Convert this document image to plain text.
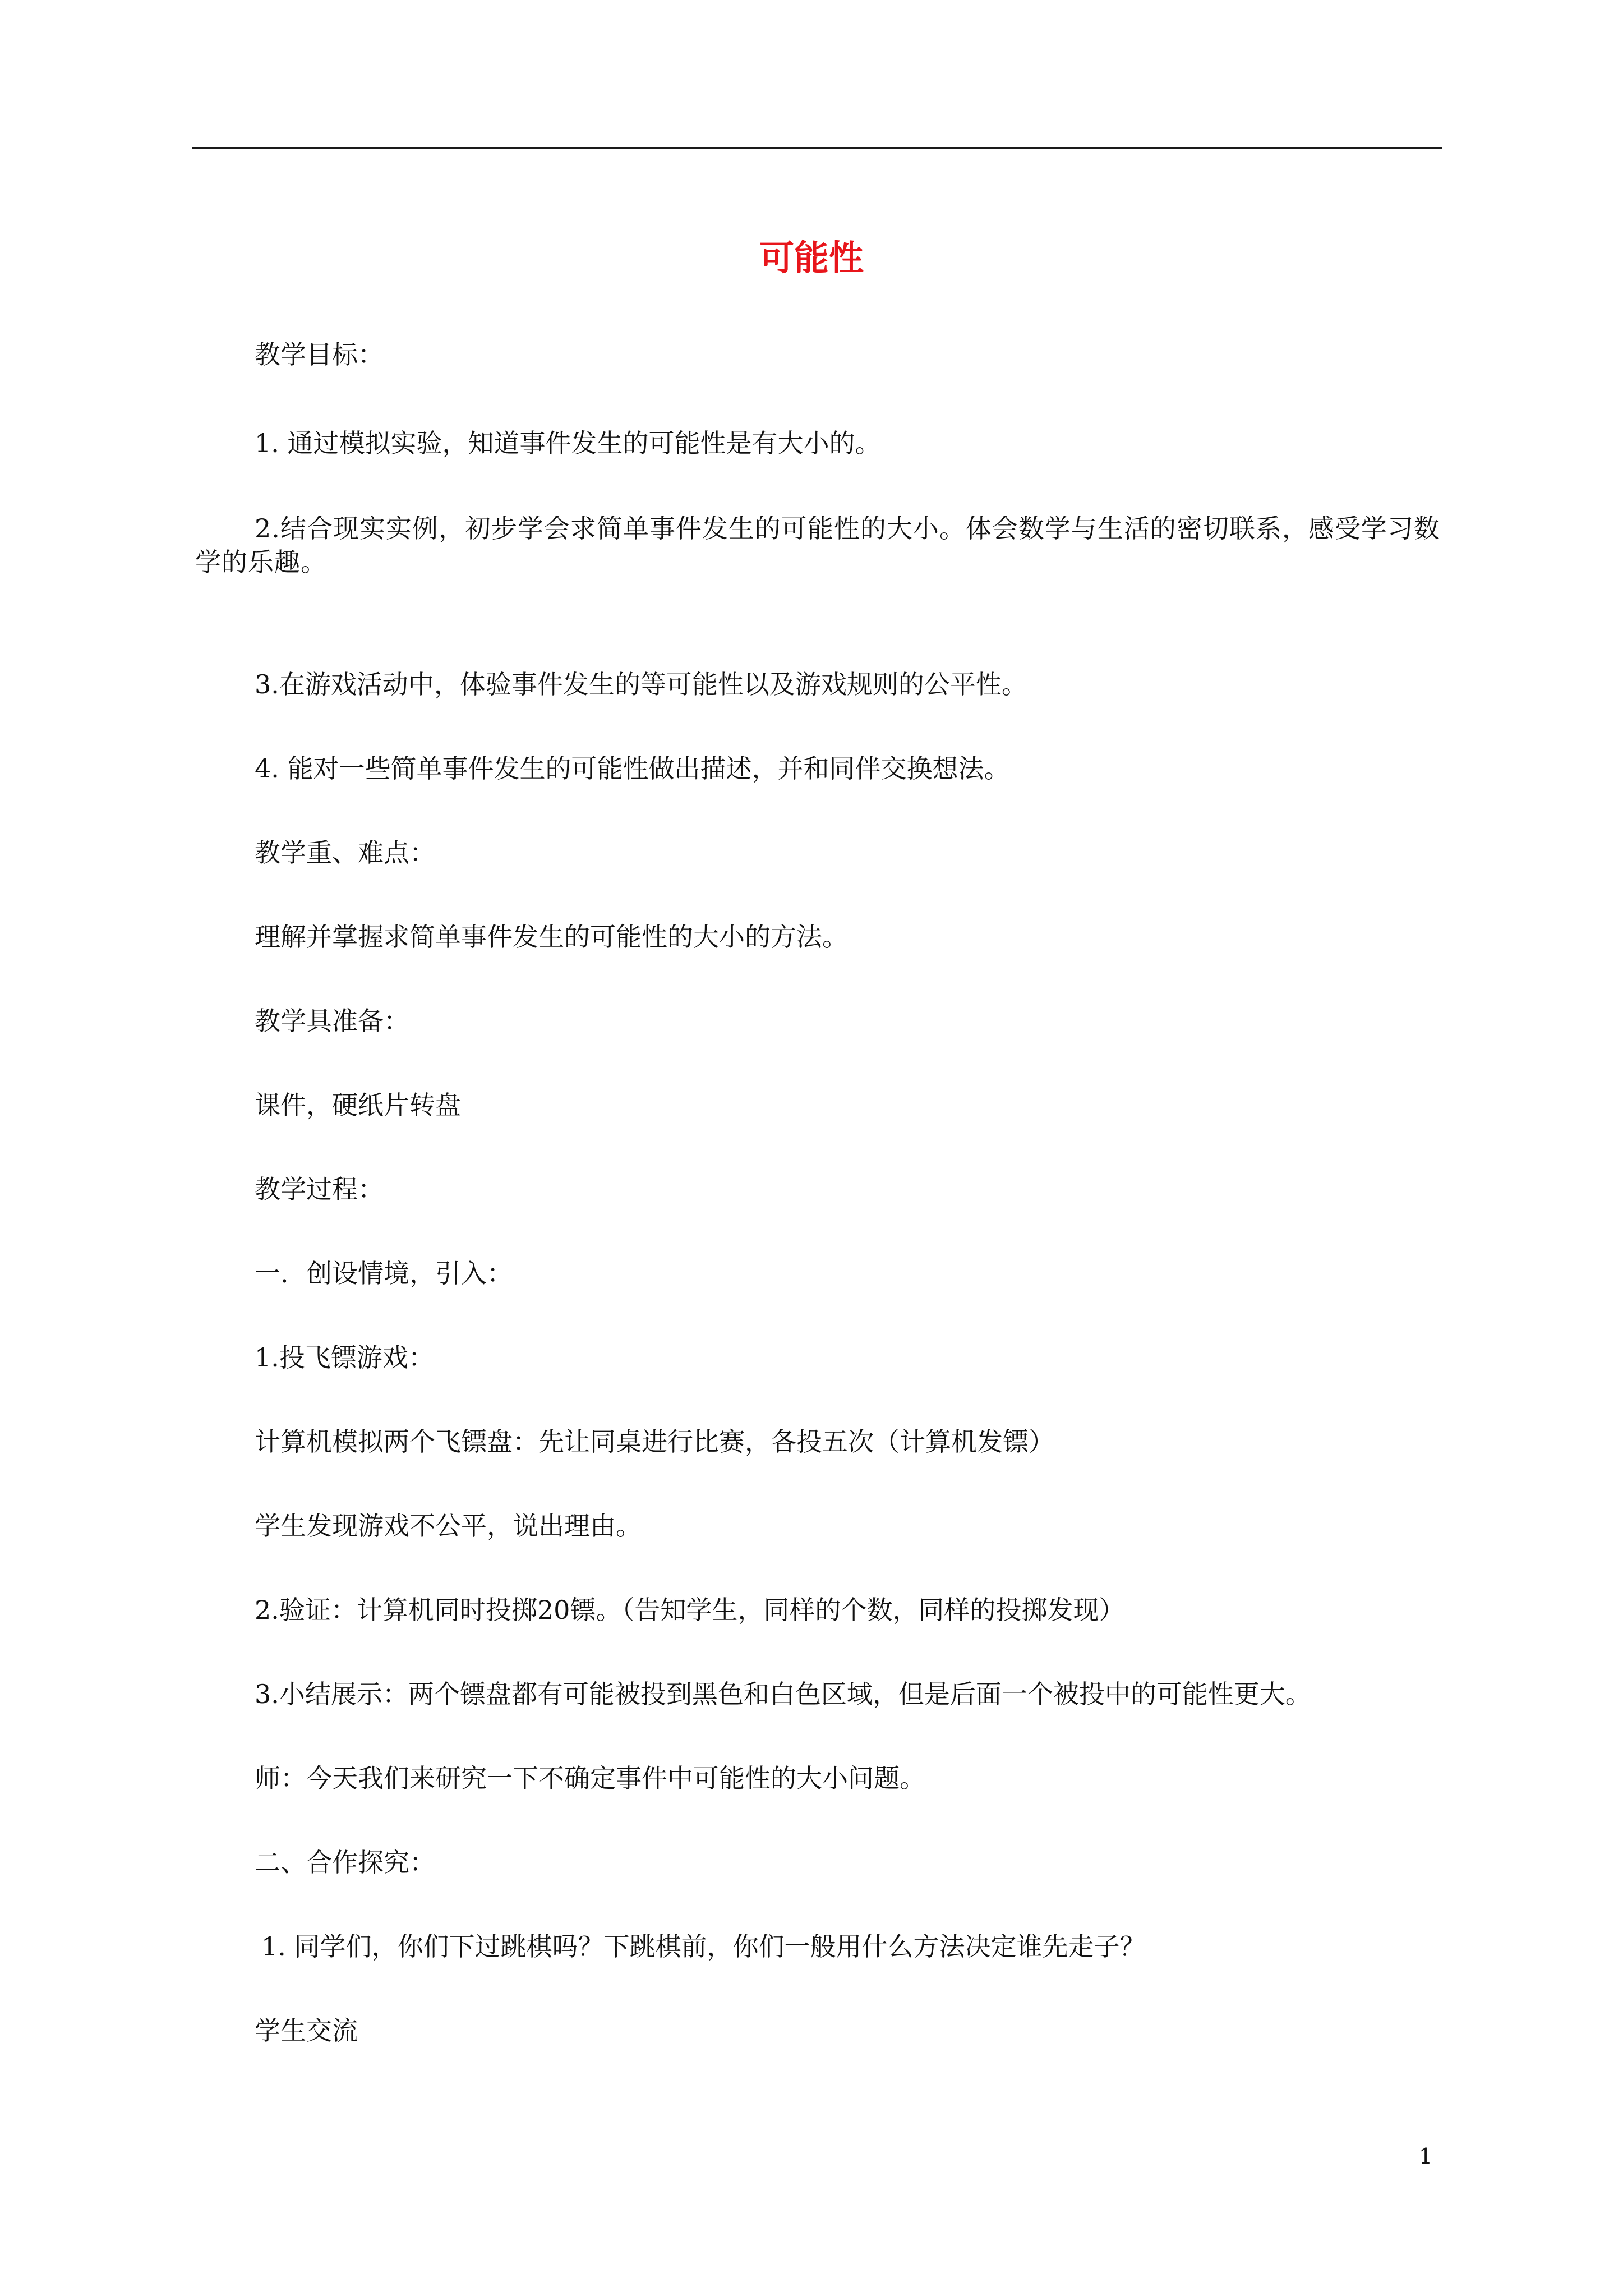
可能性
教学目标：
1. 通过模拟实验，知道事件发生的可能性是有大小的。
2.结合现实实例，初步学会求简单事件发生的可能性的大小。体会数学与生活的密切联系，感受学习数学的乐趣。
3.在游戏活动中，体验事件发生的等可能性以及游戏规则的公平性。
4. 能对一些简单事件发生的可能性做出描述，并和同伴交换想法。
教学重、难点：
理解并掌握求简单事件发生的可能性的大小的方法。
教学具准备：
课件，硬纸片转盘
教学过程：
一．创设情境，引入：
1.投飞镖游戏：
计算机模拟两个飞镖盘：先让同桌进行比赛，各投五次（计算机发镖）
学生发现游戏不公平，说出理由。
2.验证：计算机同时投掷20镖。（告知学生，同样的个数，同样的投掷发现）
3.小结展示：两个镖盘都有可能被投到黑色和白色区域，但是后面一个被投中的可能性更大。
师：今天我们来研究一下不确定事件中可能性的大小问题。
二、合作探究：
1. 同学们，你们下过跳棋吗？下跳棋前，你们一般用什么方法决定谁先走子？
学生交流
1
